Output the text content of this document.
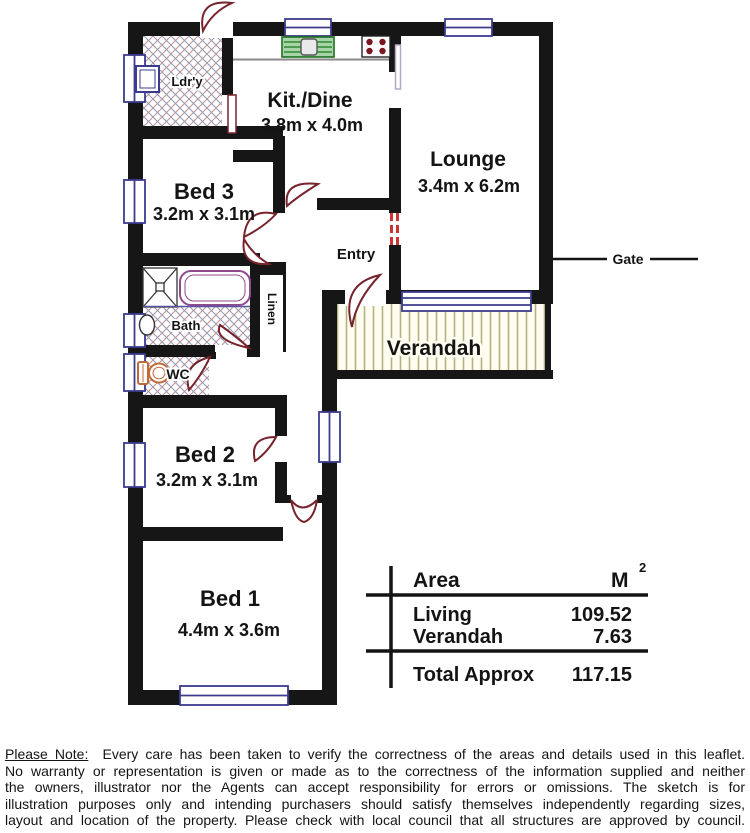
Gate
Ldr'y
Kit./Dine
3.8m x 4.0m
Lounge
3.4m x 6.2m
Bed 3
3.2m x 3.1m
Entry
Bath
Linen
WC
Bed 2
3.2m x 3.1m
Bed 1
4.4m x 3.6m
Verandah
Area	M
2
Living	109.52
Verandah	7.63
Total Approx 117.15
Please Note: Every care has been taken to verify the correctness of the areas and details used in this leaflet.
No warranty or representation is given or made as to the correctness of the information supplied and neither
the owners, illustrator nor the Agents can accept responsibility for errors or omissions. The sketch is for
illustration purposes only and intending purchasers should satisfy themselves independently regarding sizes,
layout and location of the property. Please check with local council that all structures are approved by council.
